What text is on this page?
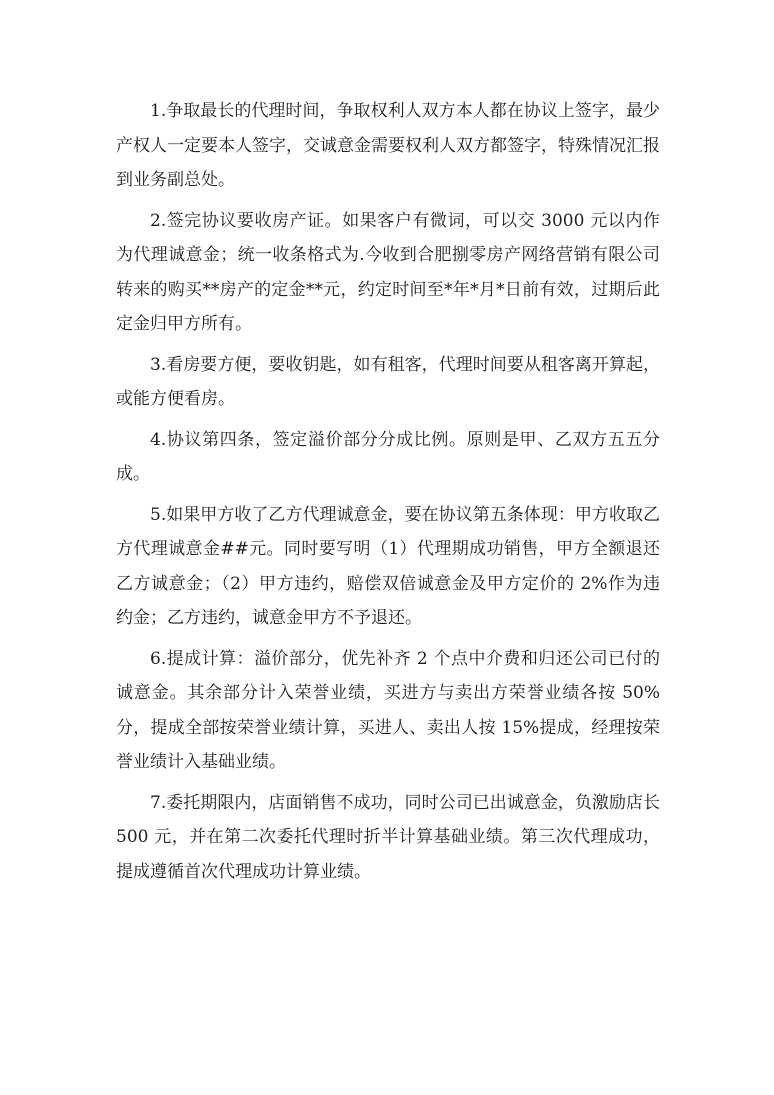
1.争取最长的代理时间，争取权利人双方本人都在协议上签字，最少产权人一定要本人签字，交诚意金需要权利人双方都签字，特殊情况汇报到业务副总处。

2.签完协议要收房产证。如果客户有微词，可以交 3000 元以内作为代理诚意金；统一收条格式为.今收到合肥捌零房产网络营销有限公司转来的购买**房产的定金**元，约定时间至*年*月*日前有效，过期后此定金归甲方所有。

3.看房要方便，要收钥匙，如有租客，代理时间要从租客离开算起，或能方便看房。

4.协议第四条，签定溢价部分分成比例。原则是甲、乙双方五五分成。

5.如果甲方收了乙方代理诚意金，要在协议第五条体现：甲方收取乙方代理诚意金##元。同时要写明（1）代理期成功销售，甲方全额退还乙方诚意金；（2）甲方违约，赔偿双倍诚意金及甲方定价的 2%作为违约金；乙方违约，诚意金甲方不予退还。

6.提成计算：溢价部分，优先补齐 2 个点中介费和归还公司已付的诚意金。其余部分计入荣誉业绩，买进方与卖出方荣誉业绩各按 50%分，提成全部按荣誉业绩计算，买进人、卖出人按 15%提成，经理按荣誉业绩计入基础业绩。

7.委托期限内，店面销售不成功，同时公司已出诚意金，负激励店长 500 元，并在第二次委托代理时折半计算基础业绩。第三次代理成功，提成遵循首次代理成功计算业绩。
